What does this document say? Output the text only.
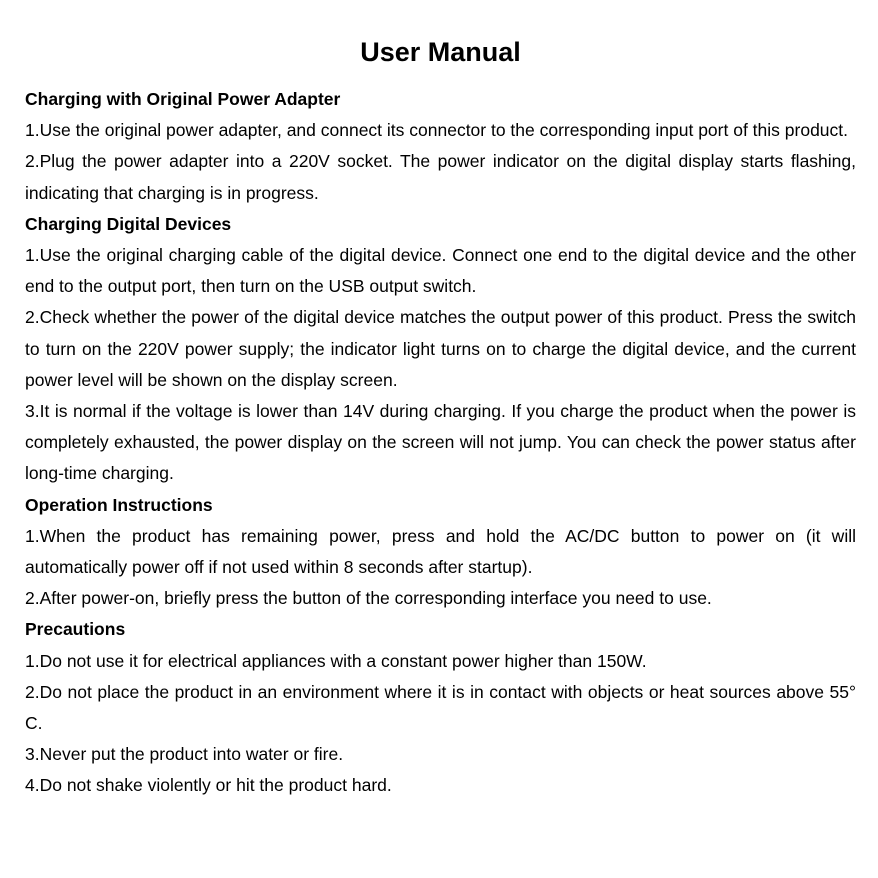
User Manual
Charging with Original Power Adapter

1.Use the original power adapter, and connect its connector to the corresponding input port of this product.

2.Plug the power adapter into a 220V socket. The power indicator on the digital display starts flashing, indicating that charging is in progress.

Charging Digital Devices

1.Use the original charging cable of the digital device. Connect one end to the digital device and the other end to the output port, then turn on the USB output switch.

2.Check whether the power of the digital device matches the output power of this product. Press the switch to turn on the 220V power supply; the indicator light turns on to charge the digital device, and the current power level will be shown on the display screen.

3.It is normal if the voltage is lower than 14V during charging. If you charge the product when the power is completely exhausted, the power display on the screen will not jump. You can check the power status after long-time charging.

Operation Instructions

1.When the product has remaining power, press and hold the AC/DC button to power on (it will automatically power off if not used within 8 seconds after startup).

2.After power-on, briefly press the button of the corresponding interface you need to use.

Precautions

1.Do not use it for electrical appliances with a constant power higher than 150W.

2.Do not place the product in an environment where it is in contact with objects or heat sources above 55° C.

3.Never put the product into water or fire.

4.Do not shake violently or hit the product hard.
